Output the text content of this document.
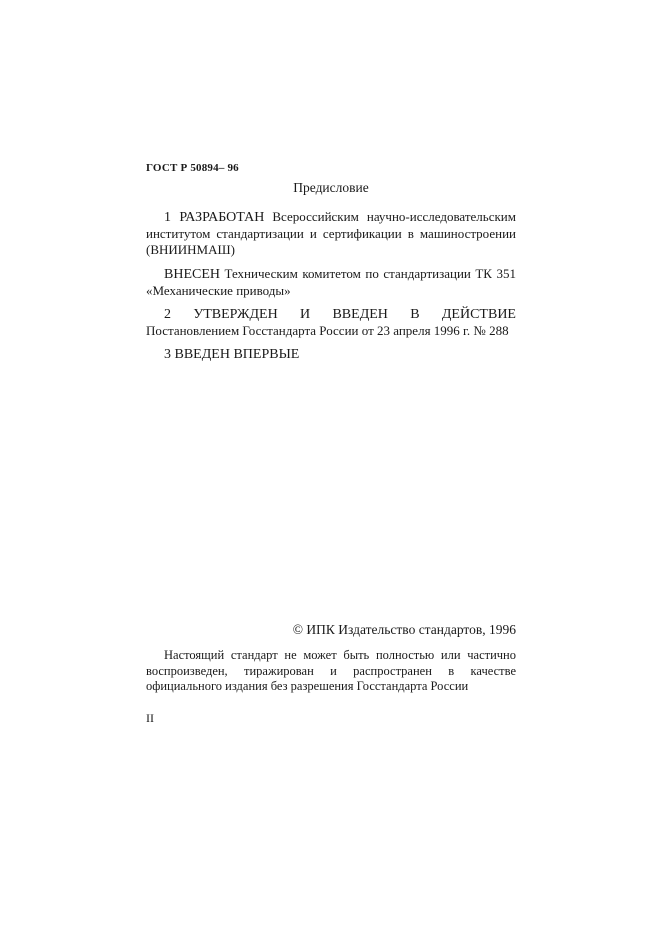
ГОСТ Р 50894– 96
Предисловие
1 РАЗРАБОТАН Всероссийским научно-исследовательским институтом стандартизации и сертификации в машиностроении (ВНИИНМАШ)
ВНЕСЕН Техническим комитетом по стандартизации ТК 351 «Механические приводы»
2 УТВЕРЖДЕН И ВВЕДЕН В ДЕЙСТВИЕ Постановлением Госстандарта России от 23 апреля 1996 г. № 288
3 ВВЕДЕН ВПЕРВЫЕ
© ИПК Издательство стандартов, 1996
Настоящий стандарт не может быть полностью или частично воспроизведен, тиражирован и распространен в качестве официального издания без разрешения Госстандарта России
II
